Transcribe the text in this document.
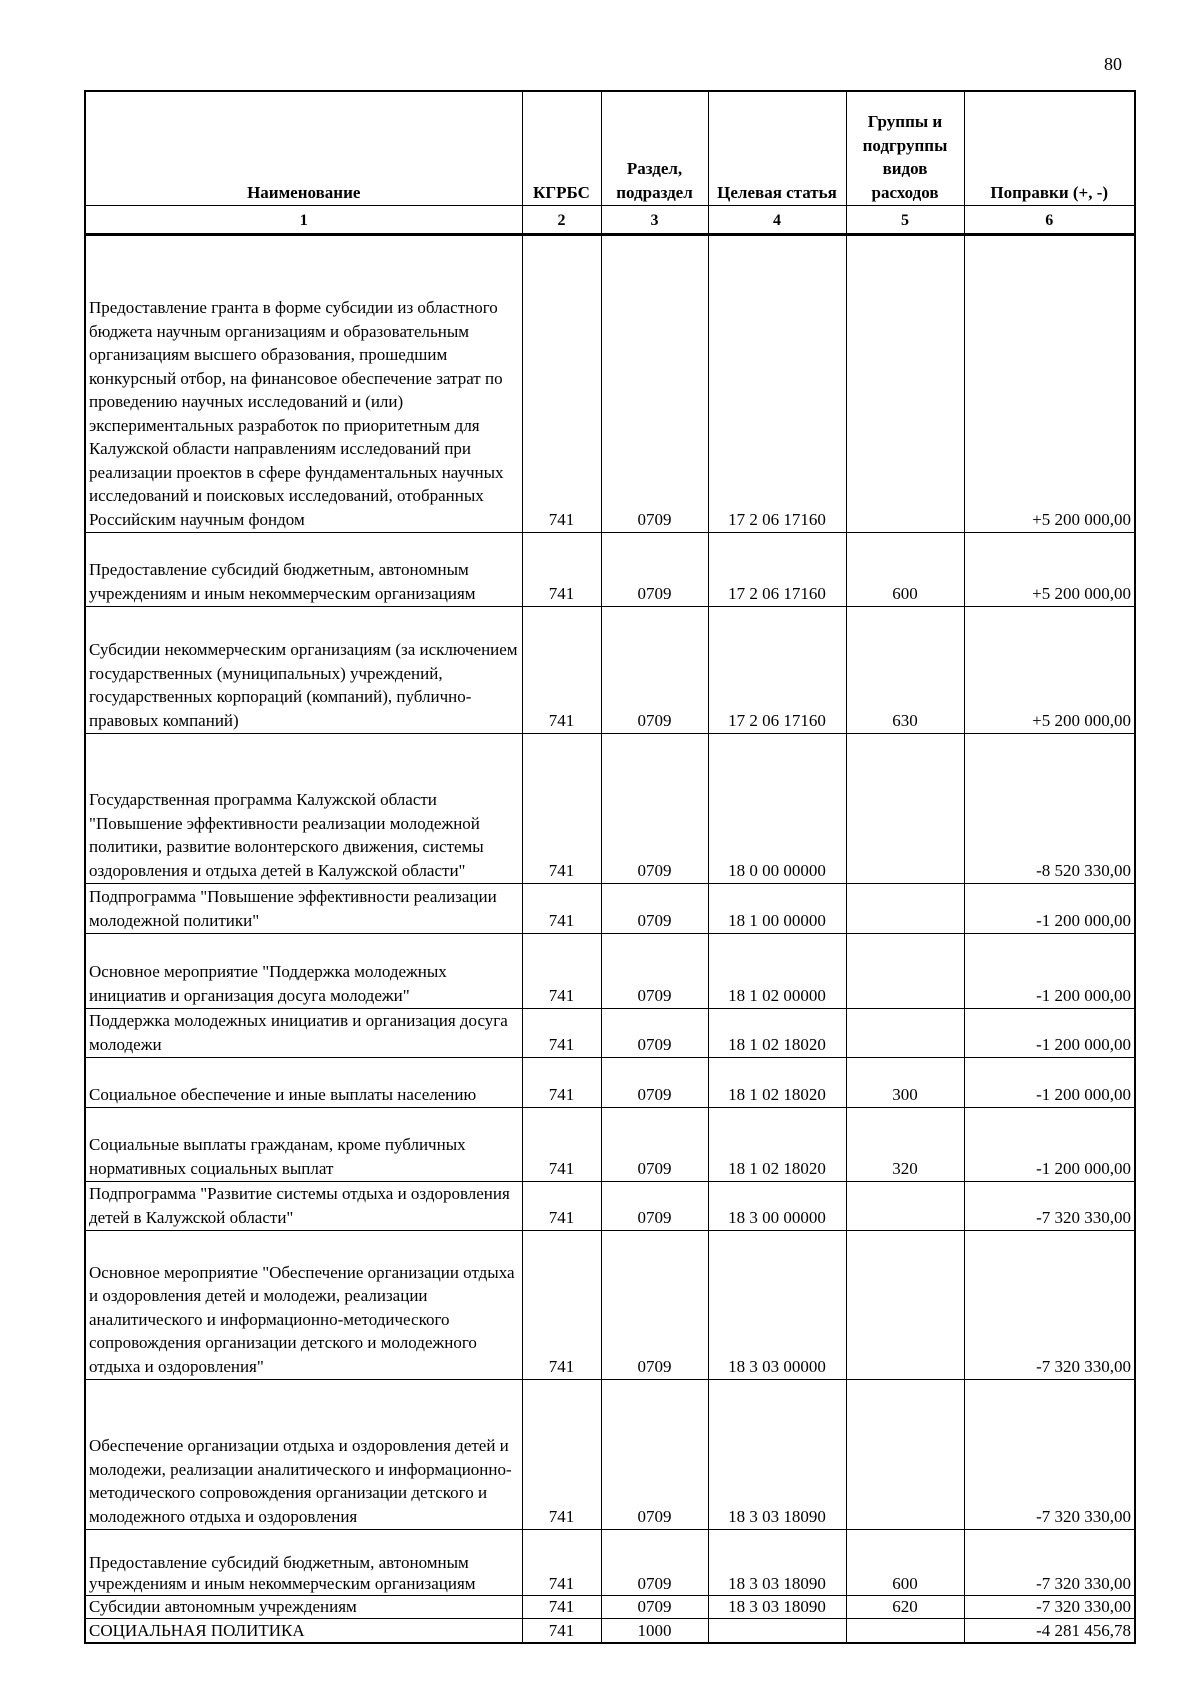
80
Наименование	КГРБС	Раздел, подраздел	Целевая статья	Группы и подгруппы видов расходов	Поправки (+, -)
1	2	3	4	5	6
Предоставление гранта в форме субсидии из областного бюджета научным организациям и образовательным организациям высшего образования, прошедшим конкурсный отбор, на финансовое обеспечение затрат по проведению научных исследований и (или) экспериментальных разработок по приоритетным для Калужской области направлениям исследований при реализации проектов в сфере фундаментальных научных исследований и поисковых исследований, отобранных Российским научным фондом	741	0709	17 2 06 17160		+5 200 000,00
Предоставление субсидий бюджетным, автономным учреждениям и иным некоммерческим организациям	741	0709	17 2 06 17160	600	+5 200 000,00
Субсидии некоммерческим организациям (за исключением государственных (муниципальных) учреждений, государственных корпораций (компаний), публично-правовых компаний)	741	0709	17 2 06 17160	630	+5 200 000,00
Государственная программа Калужской области "Повышение эффективности реализации молодежной политики, развитие волонтерского движения, системы оздоровления и отдыха детей в Калужской области"	741	0709	18 0 00 00000		-8 520 330,00
Подпрограмма "Повышение эффективности реализации молодежной политики"	741	0709	18 1 00 00000		-1 200 000,00
Основное мероприятие "Поддержка молодежных инициатив и организация досуга молодежи"	741	0709	18 1 02 00000		-1 200 000,00
Поддержка молодежных инициатив и организация досуга молодежи	741	0709	18 1 02 18020		-1 200 000,00
Социальное обеспечение и иные выплаты населению	741	0709	18 1 02 18020	300	-1 200 000,00
Социальные выплаты гражданам, кроме публичных нормативных социальных выплат	741	0709	18 1 02 18020	320	-1 200 000,00
Подпрограмма "Развитие системы отдыха и оздоровления детей в Калужской области"	741	0709	18 3 00 00000		-7 320 330,00
Основное мероприятие "Обеспечение организации отдыха и оздоровления детей и молодежи, реализации аналитического и информационно-методического сопровождения организации детского и молодежного отдыха и оздоровления"	741	0709	18 3 03 00000		-7 320 330,00
Обеспечение организации отдыха и оздоровления детей и молодежи, реализации аналитического и информационно-методического сопровождения организации детского и молодежного отдыха и оздоровления	741	0709	18 3 03 18090		-7 320 330,00
Предоставление субсидий бюджетным, автономным учреждениям и иным некоммерческим организациям	741	0709	18 3 03 18090	600	-7 320 330,00
Субсидии автономным учреждениям	741	0709	18 3 03 18090	620	-7 320 330,00
СОЦИАЛЬНАЯ ПОЛИТИКА	741	1000			-4 281 456,78
